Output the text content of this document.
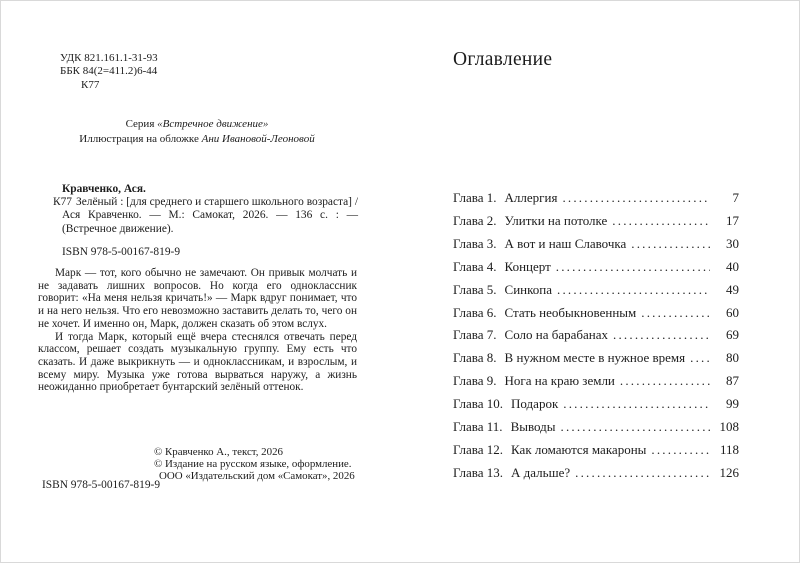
УДК 821.161.1-31-93
ББК 84(2=411.2)6-44
К77
Серия «Встречное движение»
Иллюстрация на обложке Ани Ивановой-Леоновой
Кравченко, Ася.
К77 Зелёный : [для среднего и старшего школьного возраста] / Ася Кравченко. — М.: Самокат, 2026. — 136 с. : — (Встречное движение).
ISBN 978-5-00167-819-9

Марк — тот, кого обычно не замечают. Он привык молчать и не задавать лишних вопросов. Но когда его одноклассник говорит: «На меня нельзя кричать!» — Марк вдруг понимает, что и на него нельзя. Что его невозможно заставить делать то, чего он не хочет. И именно он, Марк, должен сказать об этом вслух.

И тогда Марк, который ещё вчера стеснялся отвечать перед классом, решает создать музыкальную группу. Ему есть что сказать. И даже выкрикнуть — и одноклассникам, и взрослым, и всему миру. Музыка уже готова вырваться наружу, а жизнь неожиданно приобретает бунтарский зелёный оттенок.

© Кравченко А., текст, 2026
© Издание на русском языке, оформление.
ООО «Издательский дом «Самокат», 2026
ISBN 978-5-00167-819-9
Оглавление
Глава 1. Аллергия .....	7
Глава 2. Улитки на потолке .....	17
Глава 3. А вот и наш Славочка .....	30
Глава 4. Концерт .....	40
Глава 5. Синкопа .....	49
Глава 6. Стать необыкновенным .....	60
Глава 7. Соло на барабанах .....	69
Глава 8. В нужном месте в нужное время .....	80
Глава 9. Нога на краю земли .....	87
Глава 10. Подарок .....	99
Глава 11. Выводы .....	108
Глава 12. Как ломаются макароны .....	118
Глава 13. А дальше? .....	126
